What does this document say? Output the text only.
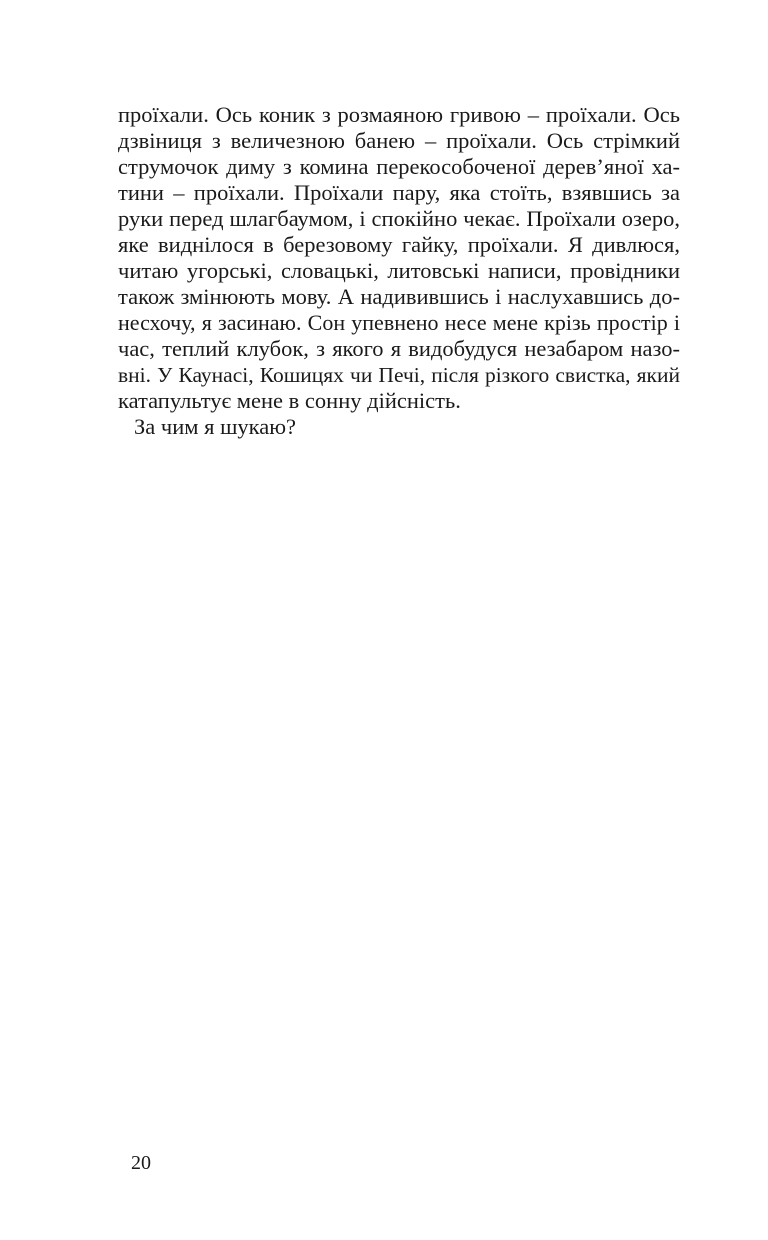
проїхали. Ось коник з розмаяною гривою – проїхали. Ось
дзвіниця з величезною банею – проїхали. Ось стрімкий
струмочок диму з комина перекособоченої дерев’яної ха-
тини – проїхали. Проїхали пару, яка стоїть, взявшись за
руки перед шлагбаумом, і спокійно чекає. Проїхали озеро,
яке виднілося в березовому гайку, проїхали. Я дивлюся,
читаю угорські, словацькі, литовські написи, провідники
також змінюють мову. А надивившись і наслухавшись до-
несхочу, я засинаю. Сон упевнено несе мене крізь простір і
час, теплий клубок, з якого я видобудуся незабаром назо-
вні. У Каунасі, Кошицях чи Печі, після різкого свистка, який
катапультує мене в сонну дійсність.
За чим я шукаю?
20
